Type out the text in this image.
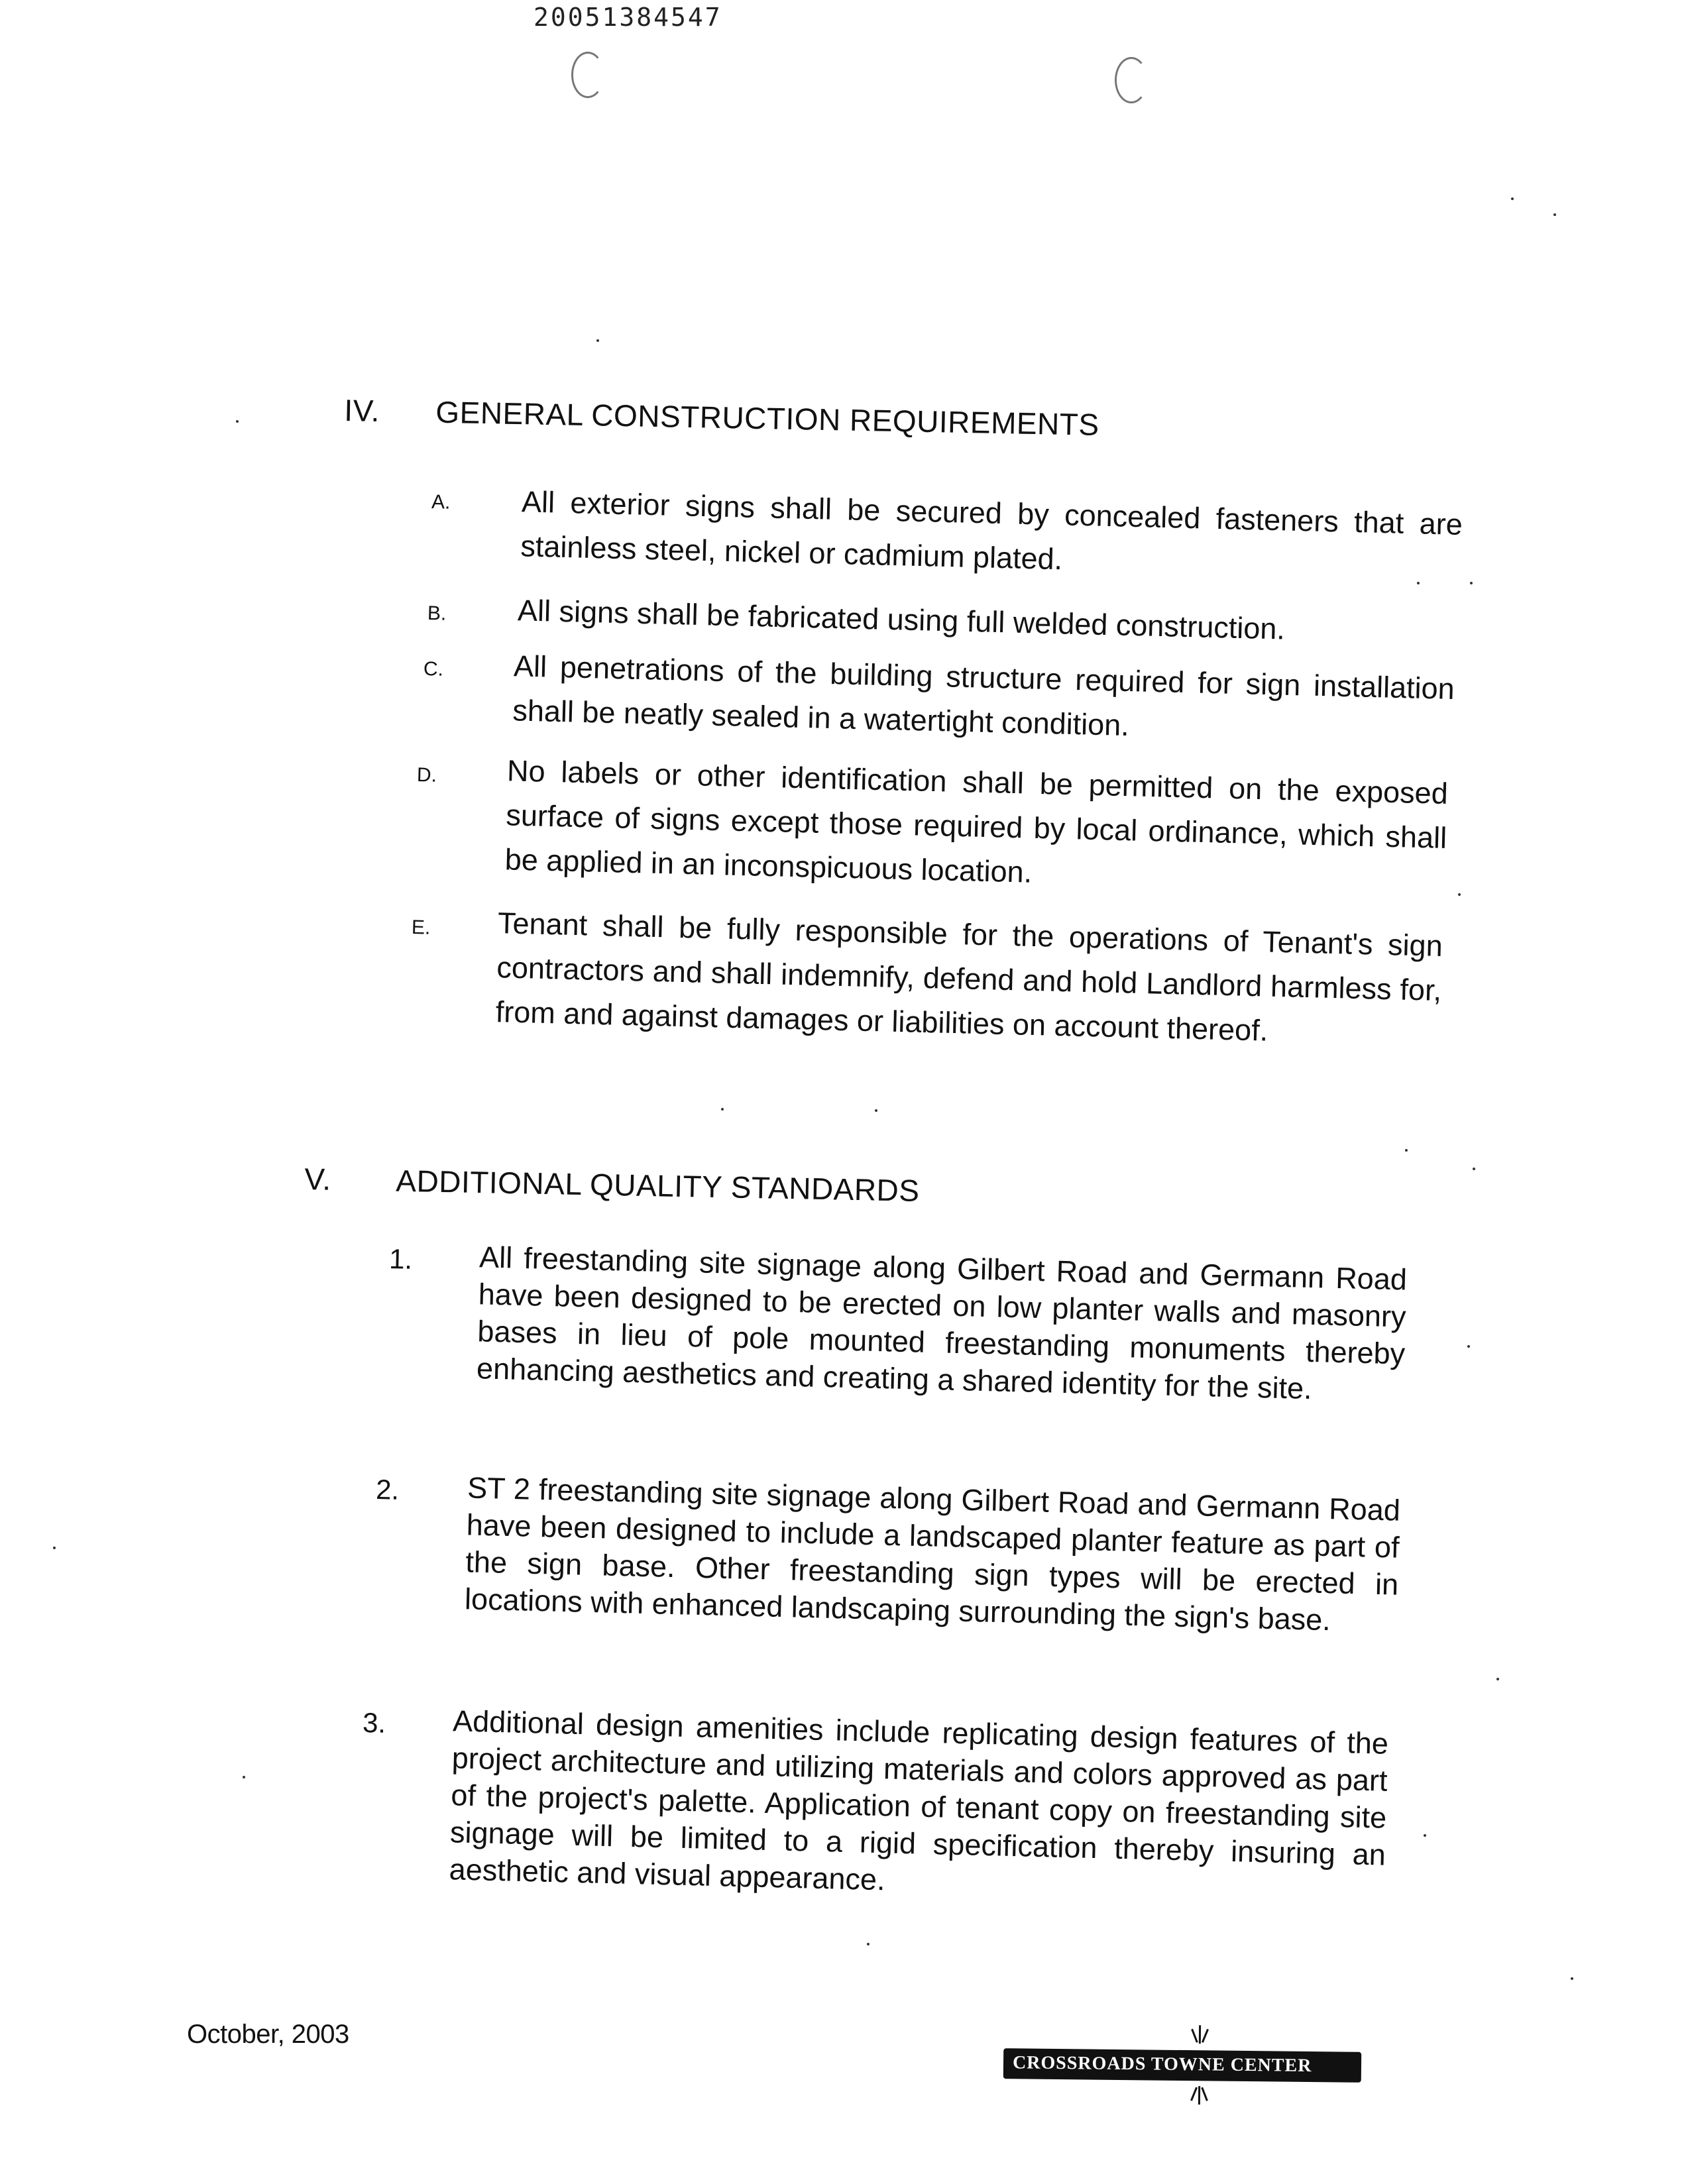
20051384547
IV. GENERAL CONSTRUCTION REQUIREMENTS
A. All exterior signs shall be secured by concealed fasteners that are stainless steel, nickel or cadmium plated.
B. All signs shall be fabricated using full welded construction.
C. All penetrations of the building structure required for sign installation shall be neatly sealed in a watertight condition.
D. No labels or other identification shall be permitted on the exposed surface of signs except those required by local ordinance, which shall be applied in an inconspicuous location.
E. Tenant shall be fully responsible for the operations of Tenant's sign contractors and shall indemnify, defend and hold Landlord harmless for, from and against damages or liabilities on account thereof.
V. ADDITIONAL QUALITY STANDARDS
1. All freestanding site signage along Gilbert Road and Germann Road have been designed to be erected on low planter walls and masonry bases in lieu of pole mounted freestanding monuments thereby enhancing aesthetics and creating a shared identity for the site.
2. ST 2 freestanding site signage along Gilbert Road and Germann Road have been designed to include a landscaped planter feature as part of the sign base. Other freestanding sign types will be erected in locations with enhanced landscaping surrounding the sign's base.
3. Additional design amenities include replicating design features of the project architecture and utilizing materials and colors approved as part of the project's palette. Application of tenant copy on freestanding site signage will be limited to a rigid specification thereby insuring an aesthetic and visual appearance.
October, 2003
CROSSROADS TOWNE CENTER
